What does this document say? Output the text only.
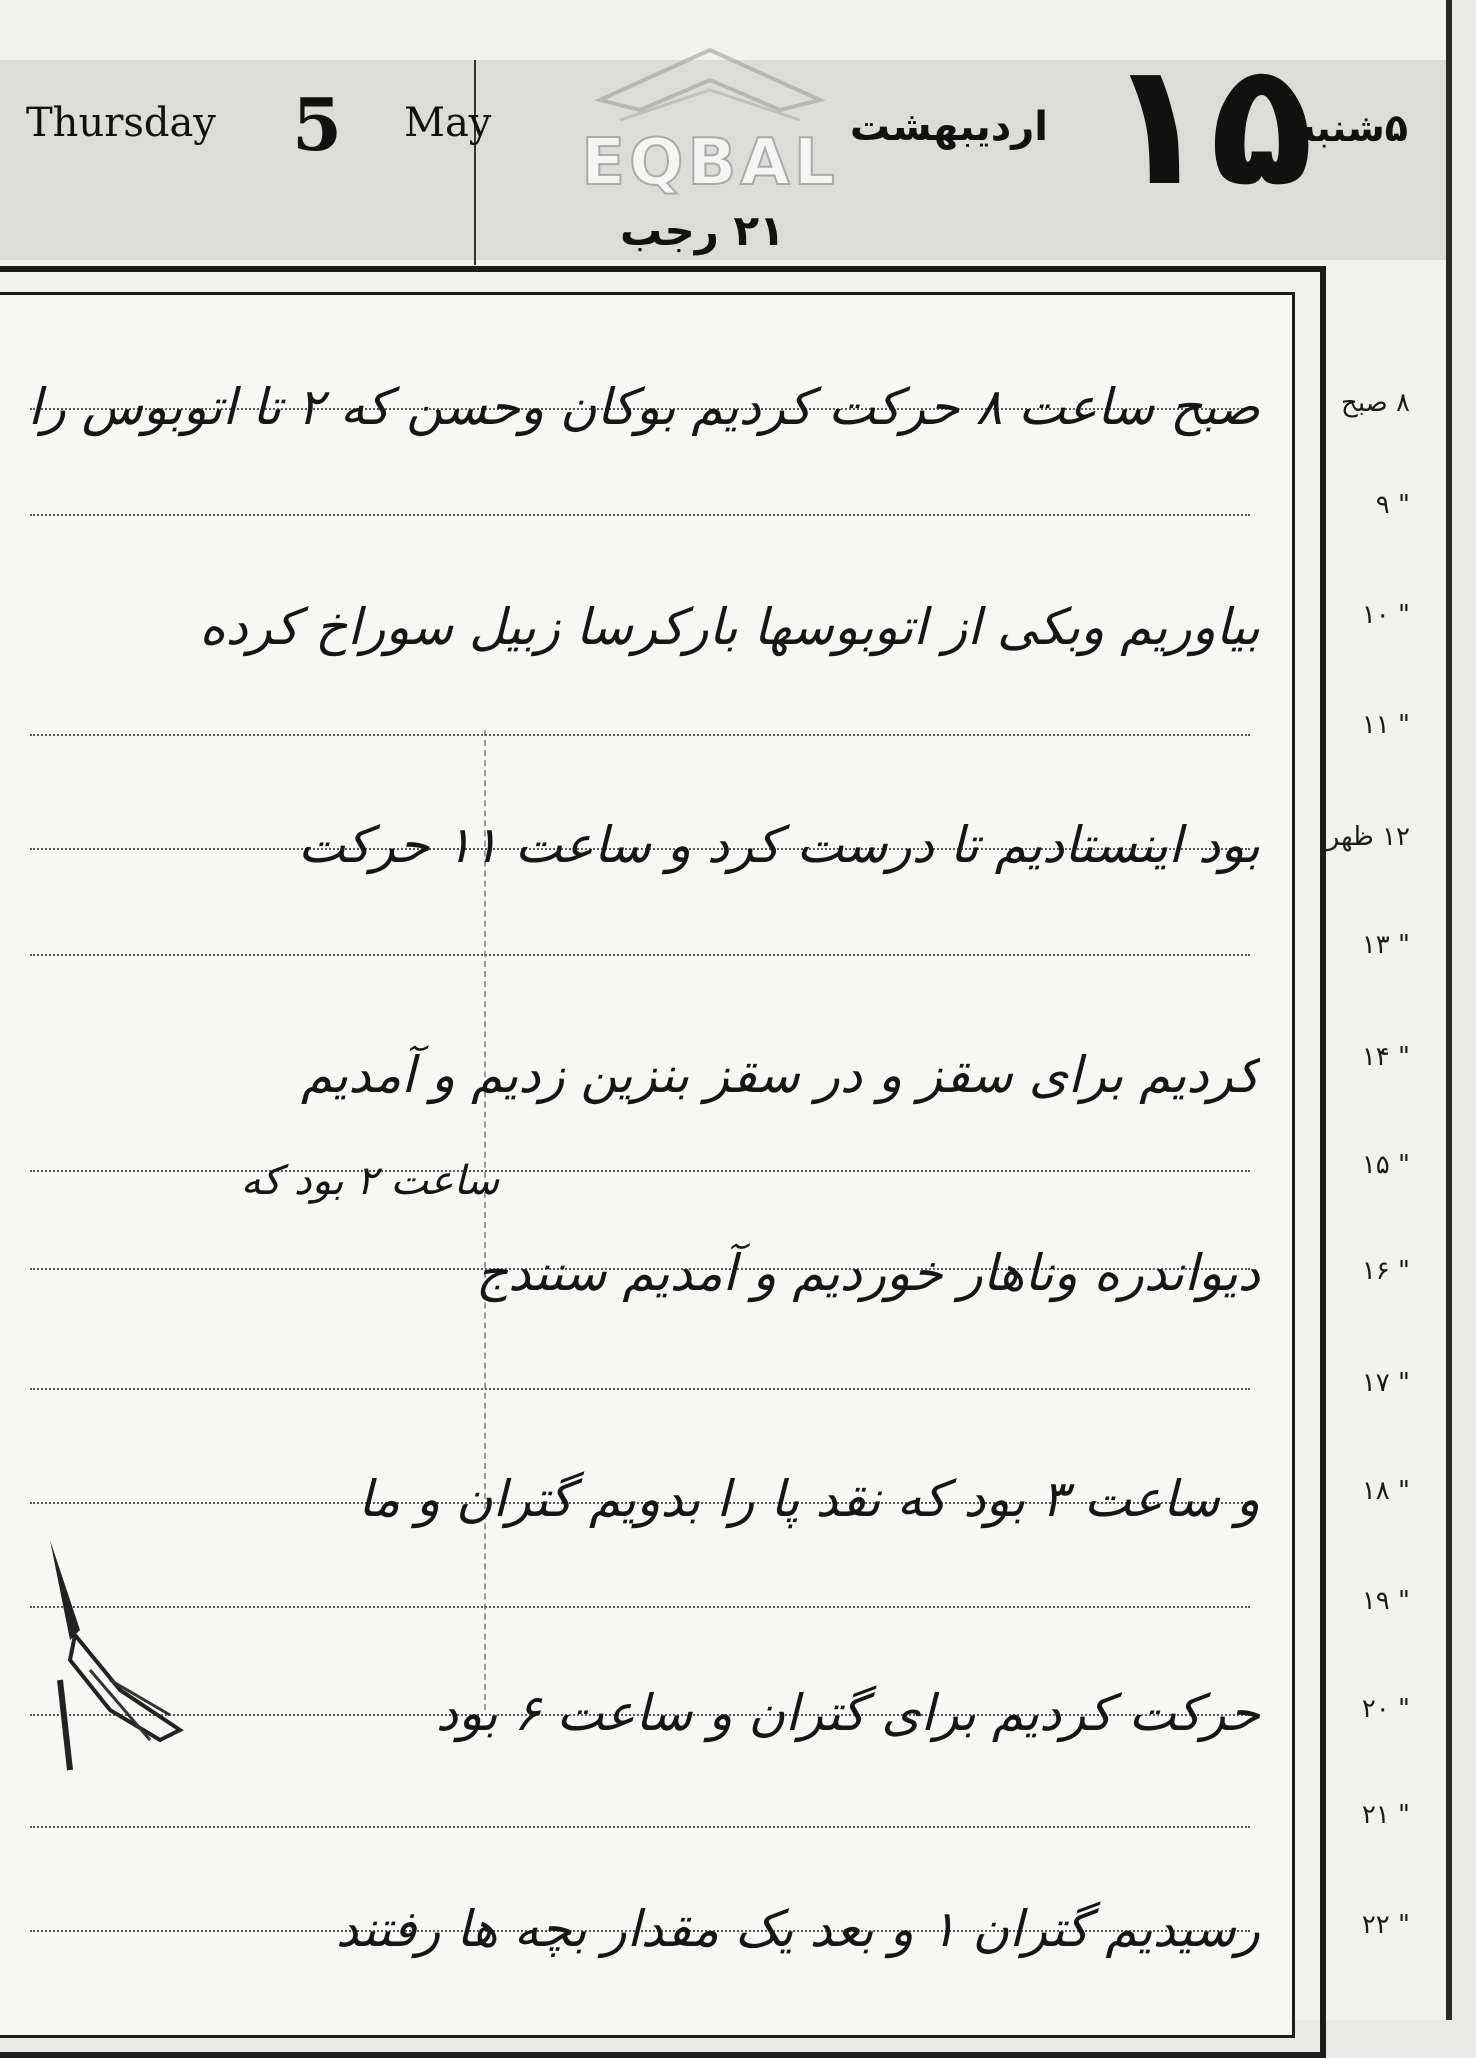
Thursday 5 May
EQBAL اردیبهشت ۱۵
۵شنبه
۲۱ رجب
صبح ساعت ۸ حرکت کردیم بوکان وحسن که ۲ تا اتوبوس را
بیاوریم وبکی از اتوبوسها بارکرسا زبیل سوراخ کرده
بود اینستادیم تا درست کرد و ساعت ۱۱ حرکت
کردیم برای سقز و در سقز بنزین زدیم و آمدیم
ساعت ۲ بود که
دیواندره وناهار خوردیم و آمدیم سنندج
و ساعت ۳ بود که نقد پا را بدویم گتران و ما
حرکت کردیم برای گتران و ساعت ۶ بود
رسیدیم گتران ۱ و بعد یک مقدار بچه ها رفتند
۸ صبح
" ۹
" ۱۰
" ۱۱
۱۲ ظهر
" ۱۳
" ۱۴
" ۱۵
" ۱۶
" ۱۷
" ۱۸
" ۱۹
" ۲۰
" ۲۱
" ۲۲
